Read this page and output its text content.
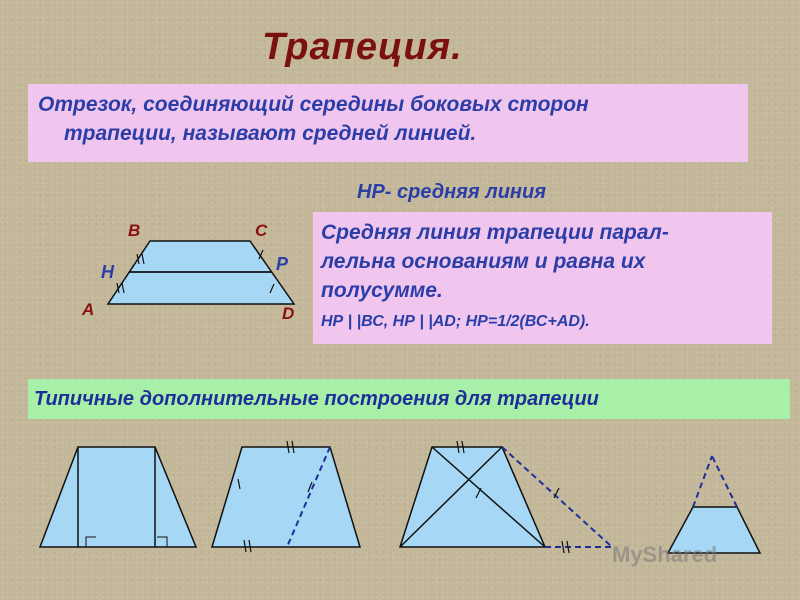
Трапеция.
Отрезок, соединяющий середины боковых сторон
трапеции, называют средней линией.
НР- средняя линия
Средняя линия трапеции парал-
лельна основаниям и равна их
полусумме.
НР | |ВС, НР | |АD; НР=1/2(ВС+АD).
Типичные дополнительные построения для трапеции
В	С
Н	Р
А	D
MyShared
